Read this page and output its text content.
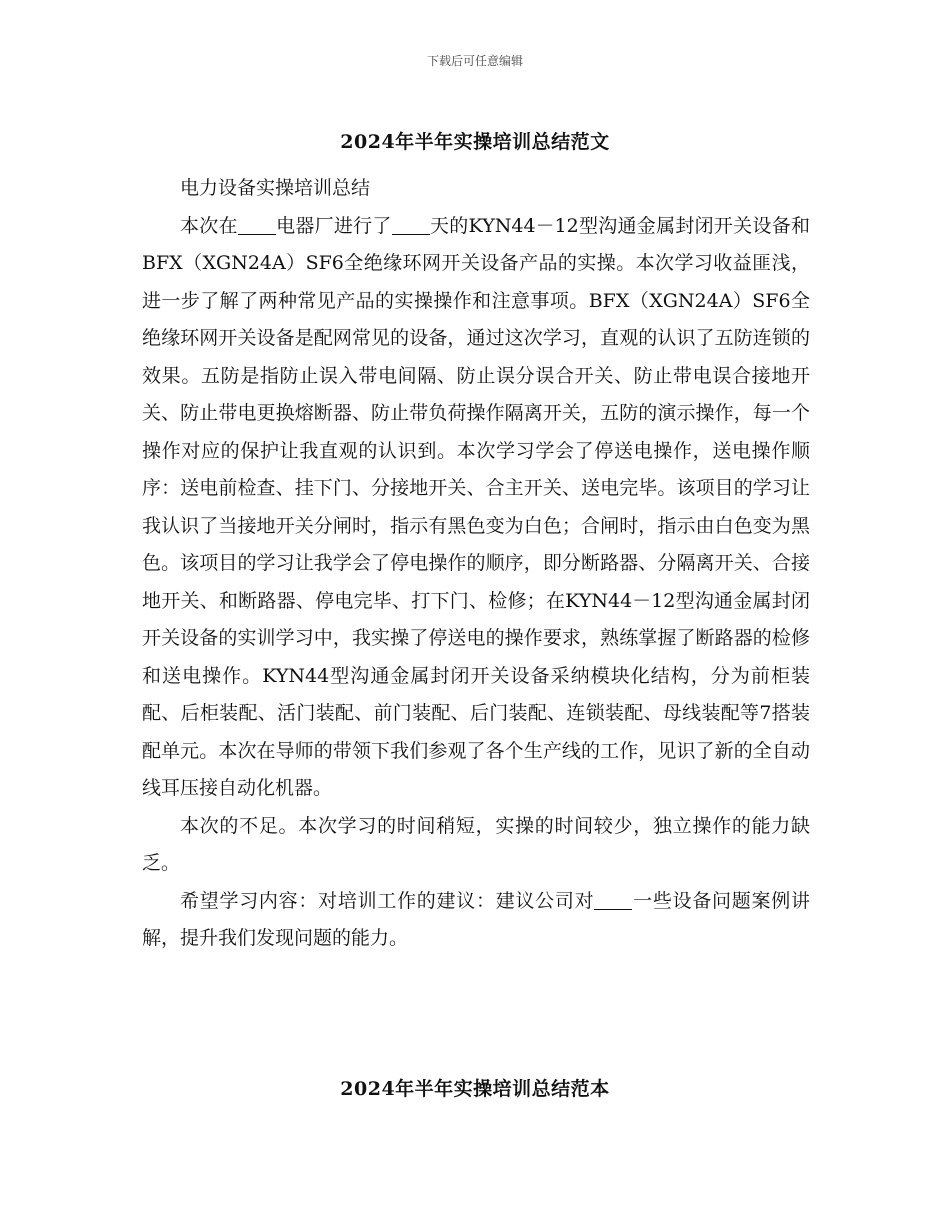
下载后可任意编辑
2024年半年实操培训总结范文

电力设备实操培训总结

本次在 电器厂进行了 天的KYN44－12型沟通金属封闭开关设备和BFX（XGN24A）SF6全绝缘环网开关设备产品的实操。本次学习收益匪浅，进一步了解了两种常见产品的实操操作和注意事项。BFX（XGN24A）SF6全绝缘环网开关设备是配网常见的设备，通过这次学习，直观的认识了五防连锁的效果。五防是指防止误入带电间隔、防止误分误合开关、防止带电误合接地开关、防止带电更换熔断器、防止带负荷操作隔离开关，五防的演示操作，每一个操作对应的保护让我直观的认识到。本次学习学会了停送电操作，送电操作顺序：送电前检查、挂下门、分接地开关、合主开关、送电完毕。该项目的学习让我认识了当接地开关分闸时，指示有黑色变为白色；合闸时，指示由白色变为黑色。该项目的学习让我学会了停电操作的顺序，即分断路器、分隔离开关、合接地开关、和断路器、停电完毕、打下门、检修；在KYN44－12型沟通金属封闭开关设备的实训学习中，我实操了停送电的操作要求，熟练掌握了断路器的检修和送电操作。KYN44型沟通金属封闭开关设备采纳模块化结构，分为前柜装配、后柜装配、活门装配、前门装配、后门装配、连锁装配、母线装配等7搭装配单元。本次在导师的带领下我们参观了各个生产线的工作，见识了新的全自动线耳压接自动化机器。

本次的不足。本次学习的时间稍短，实操的时间较少，独立操作的能力缺乏。

希望学习内容：对培训工作的建议：建议公司对 一些设备问题案例讲解，提升我们发现问题的能力。

2024年半年实操培训总结范本
